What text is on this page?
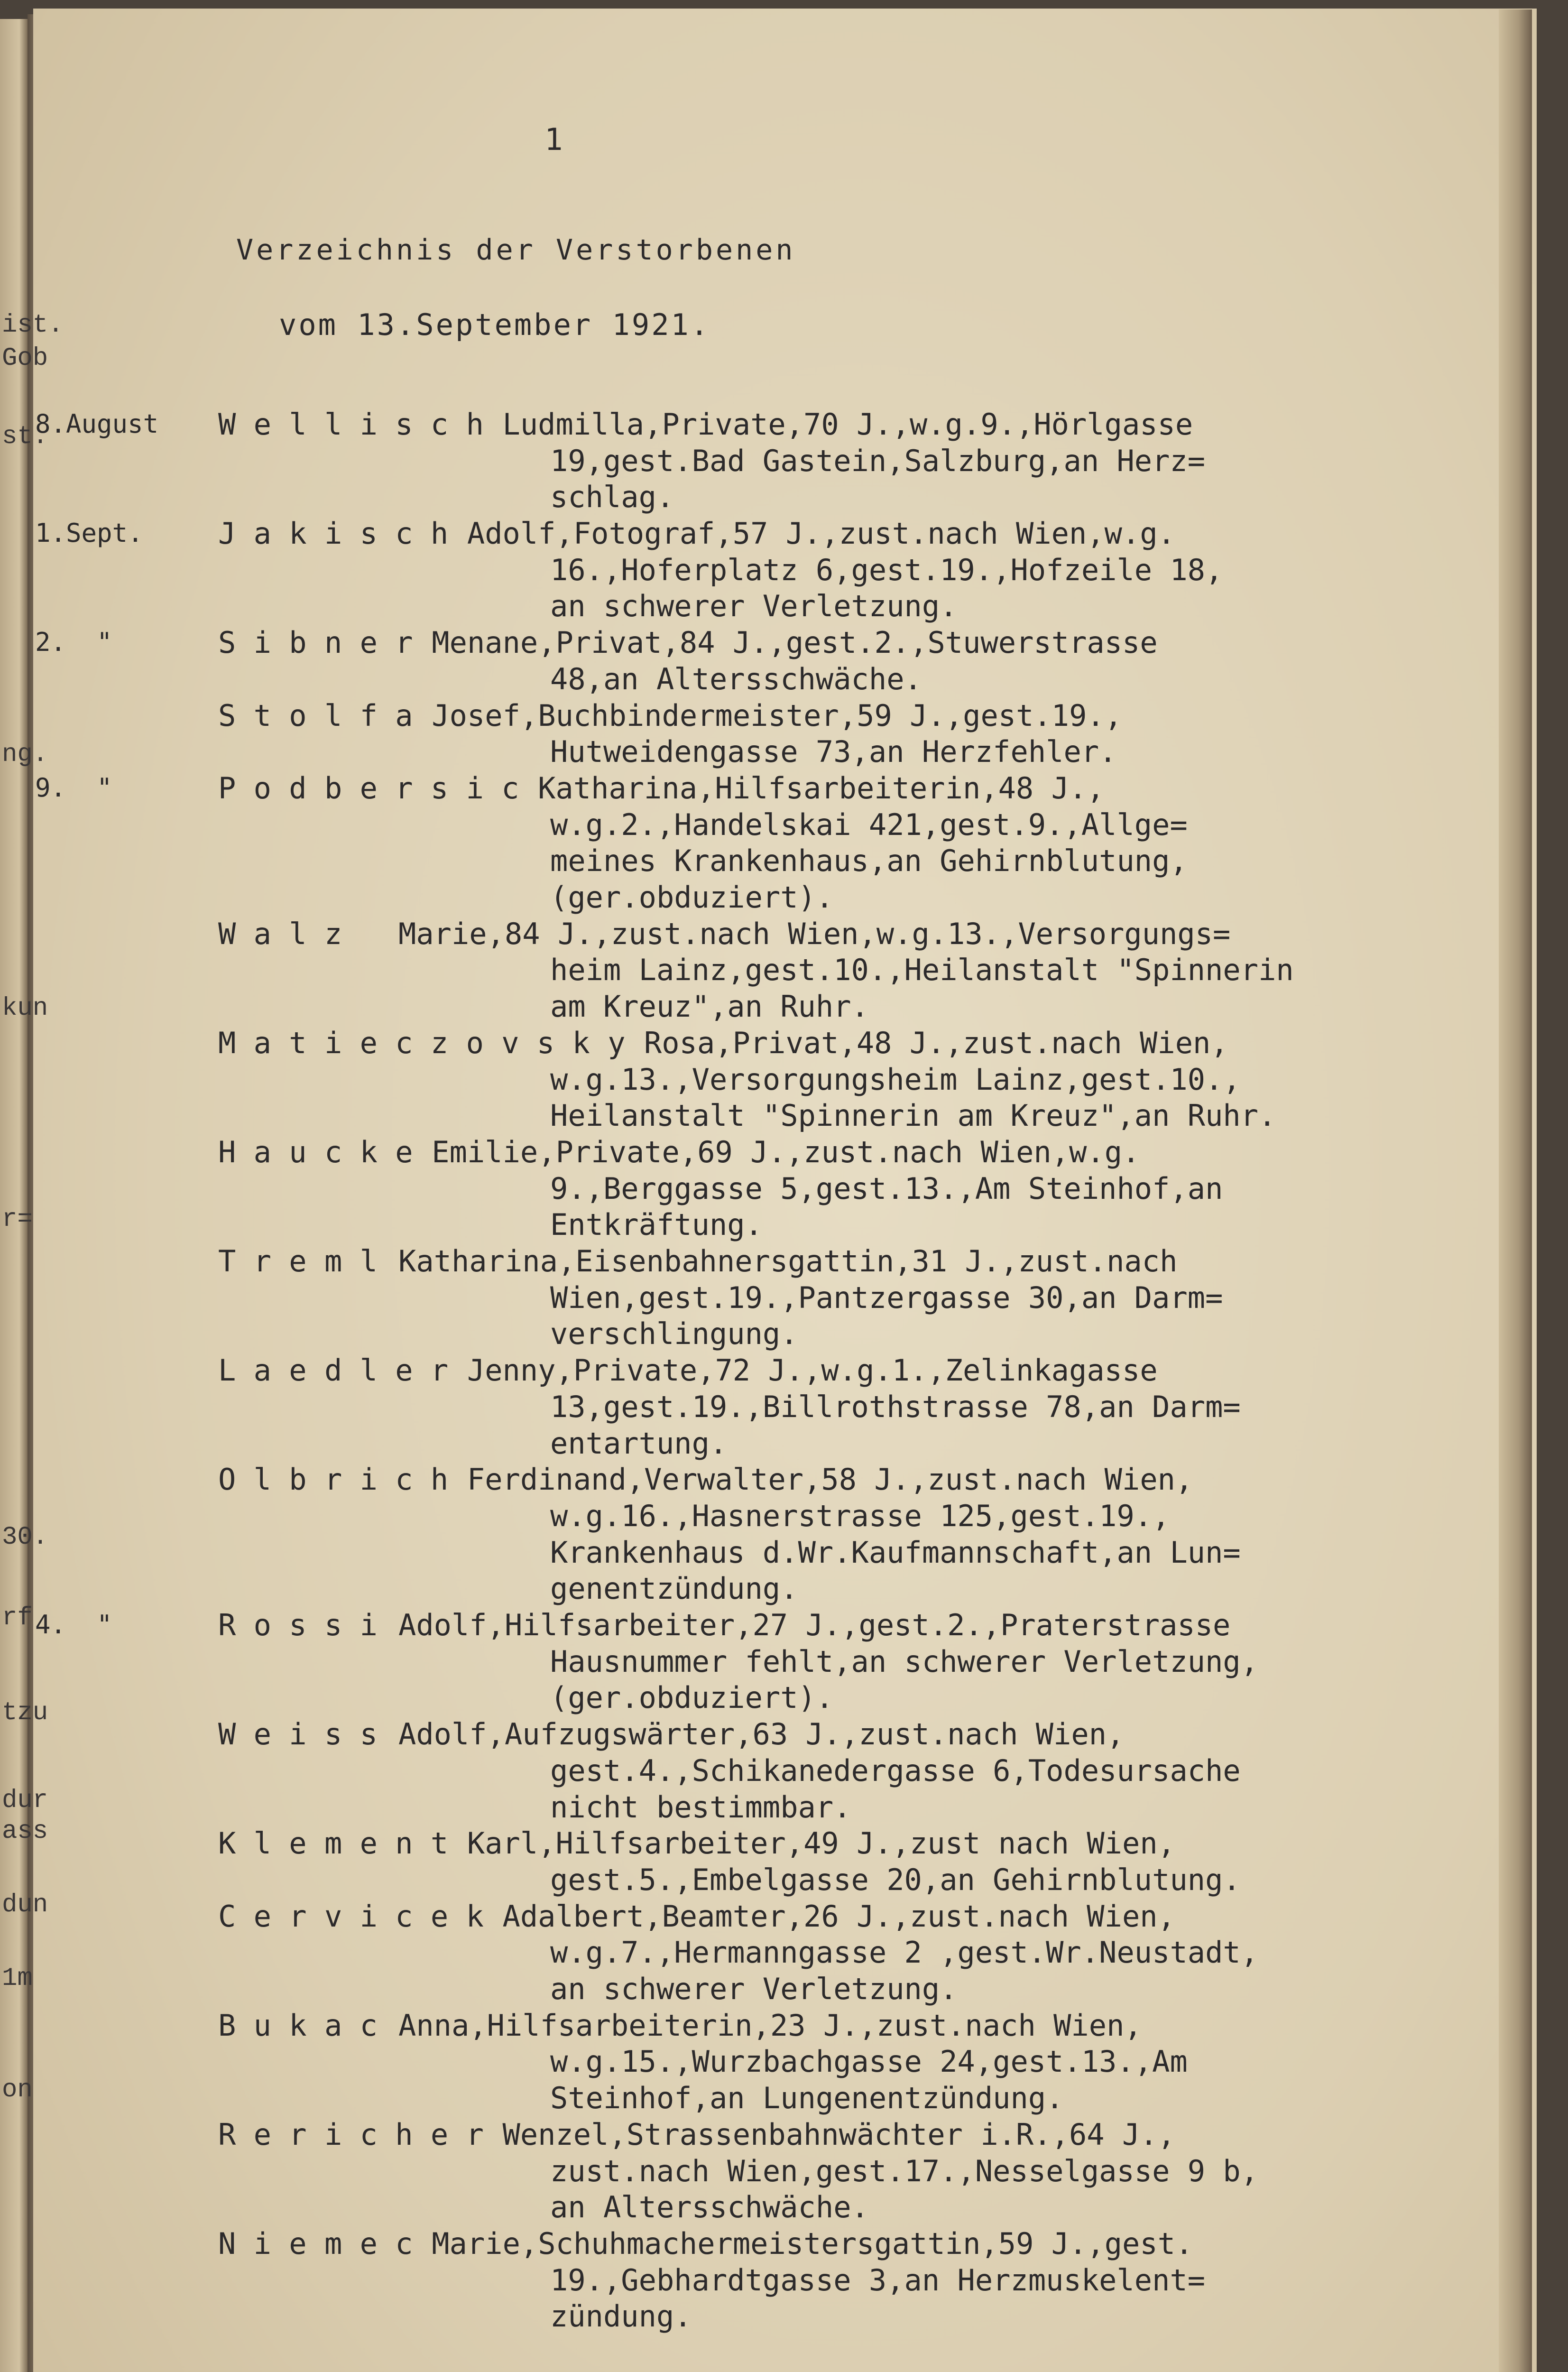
ist.
Gob
st.
ng.
kun
r=
30.
rf
tzu
dur
ass
dun
1m
on
1
Verzeichnis der Verstorbenen
vom 13.September 1921.
8.August W e l l i s c h Ludmilla,Private,70 J.,w.g.9.,Hörlgasse
19,gest.Bad Gastein,Salzburg,an Herz=
schlag.
1.Sept.	J a k i s c h Adolf,Fotograf,57 J.,zust.nach Wien,w.g.
16.,Hoferplatz 6,gest.19.,Hofzeile 18,
an schwerer Verletzung.
2.  "	S i b n e r Menane,Privat,84 J.,gest.2.,Stuwerstrasse
48,an Altersschwäche.
S t o l f a Josef,Buchbindermeister,59 J.,gest.19.,
Hutweidengasse 73,an Herzfehler.
9.  "	P o d b e r s i c Katharina,Hilfsarbeiterin,48 J.,
w.g.2.,Handelskai 421,gest.9.,Allge=
meines Krankenhaus,an Gehirnblutung,
(ger.obduziert).
W a l z Marie,84 J.,zust.nach Wien,w.g.13.,Versorgungs=
heim Lainz,gest.10.,Heilanstalt "Spinnerin
am Kreuz",an Ruhr.
M a t i e c z o v s k y Rosa,Privat,48 J.,zust.nach Wien,
w.g.13.,Versorgungsheim Lainz,gest.10.,
Heilanstalt "Spinnerin am Kreuz",an Ruhr.
H a u c k e Emilie,Private,69 J.,zust.nach Wien,w.g.
9.,Berggasse 5,gest.13.,Am Steinhof,an
Entkräftung.
T r e m l Katharina,Eisenbahnersgattin,31 J.,zust.nach
Wien,gest.19.,Pantzergasse 30,an Darm=
verschlingung.
L a e d l e r Jenny,Private,72 J.,w.g.1.,Zelinkagasse
13,gest.19.,Billrothstrasse 78,an Darm=
entartung.
O l b r i c h Ferdinand,Verwalter,58 J.,zust.nach Wien,
w.g.16.,Hasnerstrasse 125,gest.19.,
Krankenhaus d.Wr.Kaufmannschaft,an Lun=
genentzündung.
4.  "	R o s s i Adolf,Hilfsarbeiter,27 J.,gest.2.,Praterstrasse
Hausnummer fehlt,an schwerer Verletzung,
(ger.obduziert).
W e i s s Adolf,Aufzugswärter,63 J.,zust.nach Wien,
gest.4.,Schikanedergasse 6,Todesursache
nicht bestimmbar.
K l e m e n t Karl,Hilfsarbeiter,49 J.,zust nach Wien,
gest.5.,Embelgasse 20,an Gehirnblutung.
C e r v i c e k Adalbert,Beamter,26 J.,zust.nach Wien,
w.g.7.,Hermanngasse 2 ,gest.Wr.Neustadt,
an schwerer Verletzung.
B u k a c Anna,Hilfsarbeiterin,23 J.,zust.nach Wien,
w.g.15.,Wurzbachgasse 24,gest.13.,Am
Steinhof,an Lungenentzündung.
R e r i c h e r Wenzel,Strassenbahnwächter i.R.,64 J.,
zust.nach Wien,gest.17.,Nesselgasse 9 b,
an Altersschwäche.
N i e m e c Marie,Schuhmachermeistersgattin,59 J.,gest.
19.,Gebhardtgasse 3,an Herzmuskelent=
zündung.
